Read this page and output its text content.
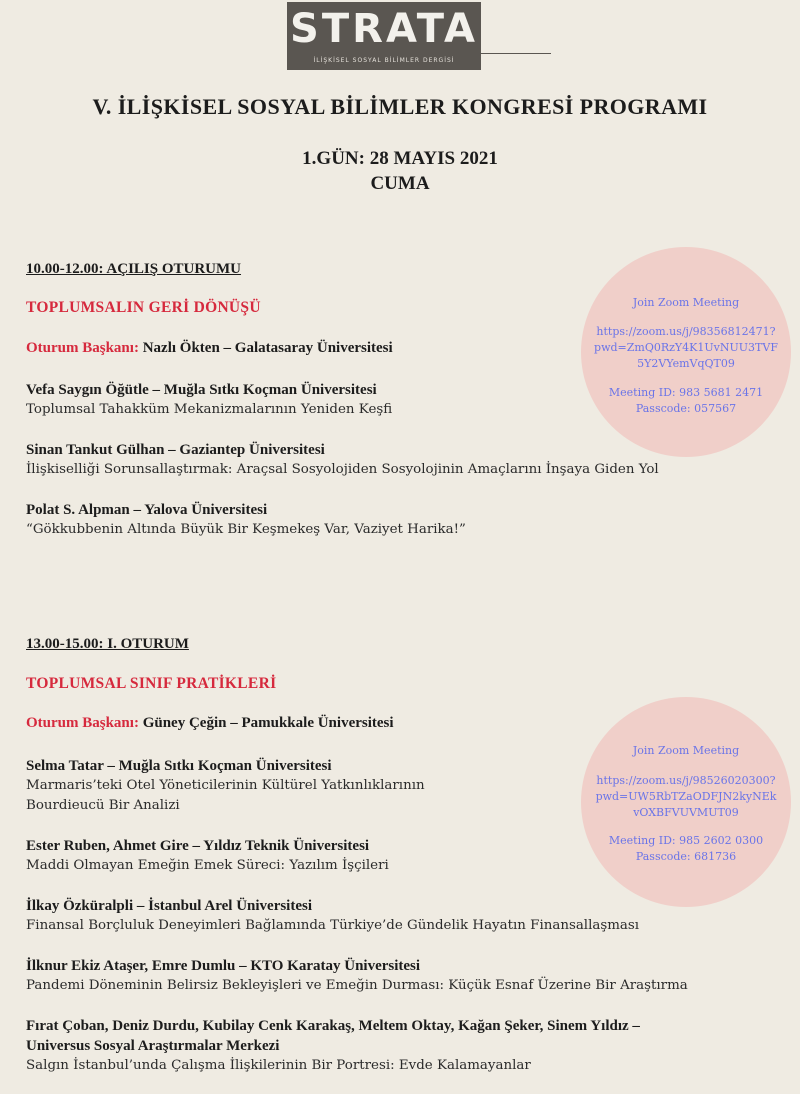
STRATA
İLİŞKİSEL SOSYAL BİLİMLER DERGİSİ
V. İLİŞKİSEL SOSYAL BİLİMLER KONGRESİ PROGRAMI
1.GÜN: 28 MAYIS 2021
CUMA
10.00-12.00: AÇILIŞ OTURUMU
TOPLUMSALIN GERİ DÖNÜŞÜ
Oturum Başkanı: Nazlı Ökten – Galatasaray Üniversitesi
Vefa Saygın Öğütle – Muğla Sıtkı Koçman Üniversitesi
Toplumsal Tahakküm Mekanizmalarının Yeniden Keşfi
Sinan Tankut Gülhan – Gaziantep Üniversitesi
İlişkiselliği Sorunsallaştırmak: Araçsal Sosyolojiden Sosyolojinin Amaçlarını İnşaya Giden Yol
Polat S. Alpman – Yalova Üniversitesi
“Gökkubbenin Altında Büyük Bir Keşmekeş Var, Vaziyet Harika!”
Join Zoom Meeting
https://zoom.us/j/98356812471?
pwd=ZmQ0RzY4K1UvNUU3TVF
5Y2VYemVqQT09
Meeting ID: 983 5681 2471
Passcode: 057567
13.00-15.00: I. OTURUM
TOPLUMSAL SINIF PRATİKLERİ
Oturum Başkanı: Güney Çeğin – Pamukkale Üniversitesi
Selma Tatar – Muğla Sıtkı Koçman Üniversitesi
Marmaris’teki Otel Yöneticilerinin Kültürel Yatkınlıklarının
Bourdieucü Bir Analizi
Ester Ruben, Ahmet Gire – Yıldız Teknik Üniversitesi
Maddi Olmayan Emeğin Emek Süreci: Yazılım İşçileri
İlkay Özküralpli – İstanbul Arel Üniversitesi
Finansal Borçluluk Deneyimleri Bağlamında Türkiye’de Gündelik Hayatın Finansallaşması
İlknur Ekiz Ataşer, Emre Dumlu – KTO Karatay Üniversitesi
Pandemi Döneminin Belirsiz Bekleyişleri ve Emeğin Durması: Küçük Esnaf Üzerine Bir Araştırma
Fırat Çoban, Deniz Durdu, Kubilay Cenk Karakaş, Meltem Oktay, Kağan Şeker, Sinem Yıldız –
Universus Sosyal Araştırmalar Merkezi
Salgın İstanbul’unda Çalışma İlişkilerinin Bir Portresi: Evde Kalamayanlar
Join Zoom Meeting
https://zoom.us/j/98526020300?
pwd=UW5RbTZaODFJN2kyNEk
vOXBFVUVMUT09
Meeting ID: 985 2602 0300
Passcode: 681736
